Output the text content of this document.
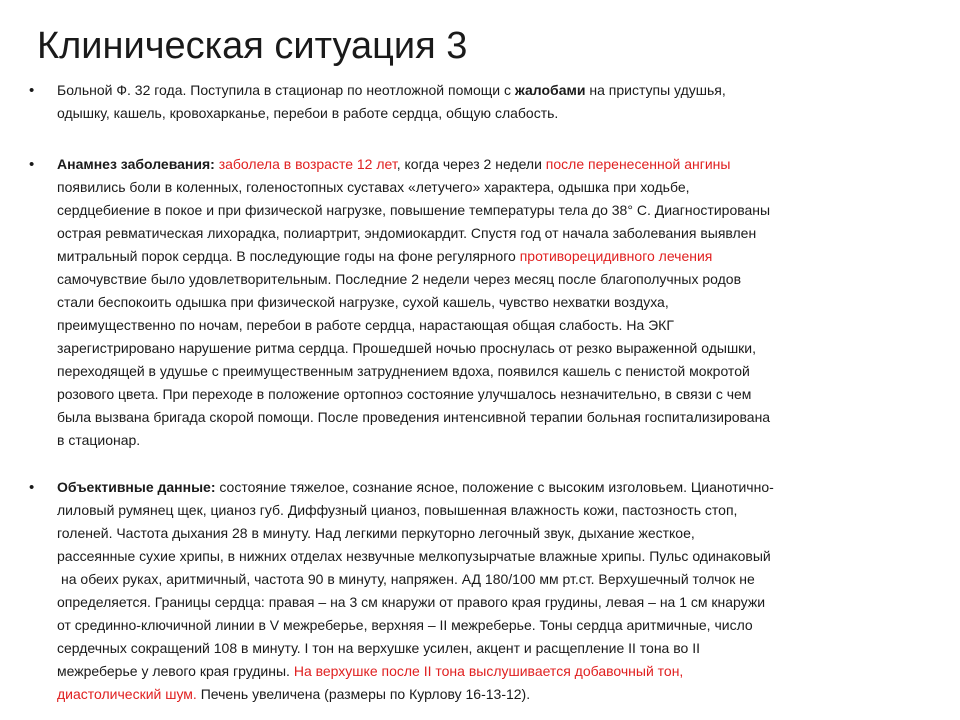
Клиническая ситуация 3
• Больной Ф. 32 года. Поступила в стационар по неотложной помощи с жалобами на приступы удушья,
одышку, кашель, кровохарканье, перебои в работе сердца, общую слабость.
• Анамнез заболевания: заболела в возрасте 12 лет, когда через 2 недели после перенесенной ангины
появились боли в коленных, голеностопных суставах «летучего» характера, одышка при ходьбе,
сердцебиение в покое и при физической нагрузке, повышение температуры тела до 38° С. Диагностированы
острая ревматическая лихорадка, полиартрит, эндомиокардит. Спустя год от начала заболевания выявлен
митральный порок сердца. В последующие годы на фоне регулярного противорецидивного лечения
самочувствие было удовлетворительным. Последние 2 недели через месяц после благополучных родов
стали беспокоить одышка при физической нагрузке, сухой кашель, чувство нехватки воздуха,
преимущественно по ночам, перебои в работе сердца, нарастающая общая слабость. На ЭКГ
зарегистрировано нарушение ритма сердца. Прошедшей ночью проснулась от резко выраженной одышки,
переходящей в удушье с преимущественным затруднением вдоха, появился кашель с пенистой мокротой
розового цвета. При переходе в положение ортопноэ состояние улучшалось незначительно, в связи с чем
была вызвана бригада скорой помощи. После проведения интенсивной терапии больная госпитализирована
в стационар.
• Объективные данные: состояние тяжелое, сознание ясное, положение с высоким изголовьем. Цианотично-
лиловый румянец щек, цианоз губ. Диффузный цианоз, повышенная влажность кожи, пастозность стоп,
голеней. Частота дыхания 28 в минуту. Над легкими перкуторно легочный звук, дыхание жесткое,
рассеянные сухие хрипы, в нижних отделах незвучные мелкопузырчатые влажные хрипы. Пульс одинаковый
на обеих руках, аритмичный, частота 90 в минуту, напряжен. АД 180/100 мм рт.ст. Верхушечный толчок не
определяется. Границы сердца: правая – на 3 см кнаружи от правого края грудины, левая – на 1 см кнаружи
от срединно-ключичной линии в V межреберье, верхняя – II межреберье. Тоны сердца аритмичные, число
сердечных сокращений 108 в минуту. I тон на верхушке усилен, акцент и расщепление II тона во II
межреберье у левого края грудины. На верхушке после II тона выслушивается добавочный тон,
диастолический шум. Печень увеличена (размеры по Курлову 16-13-12).
